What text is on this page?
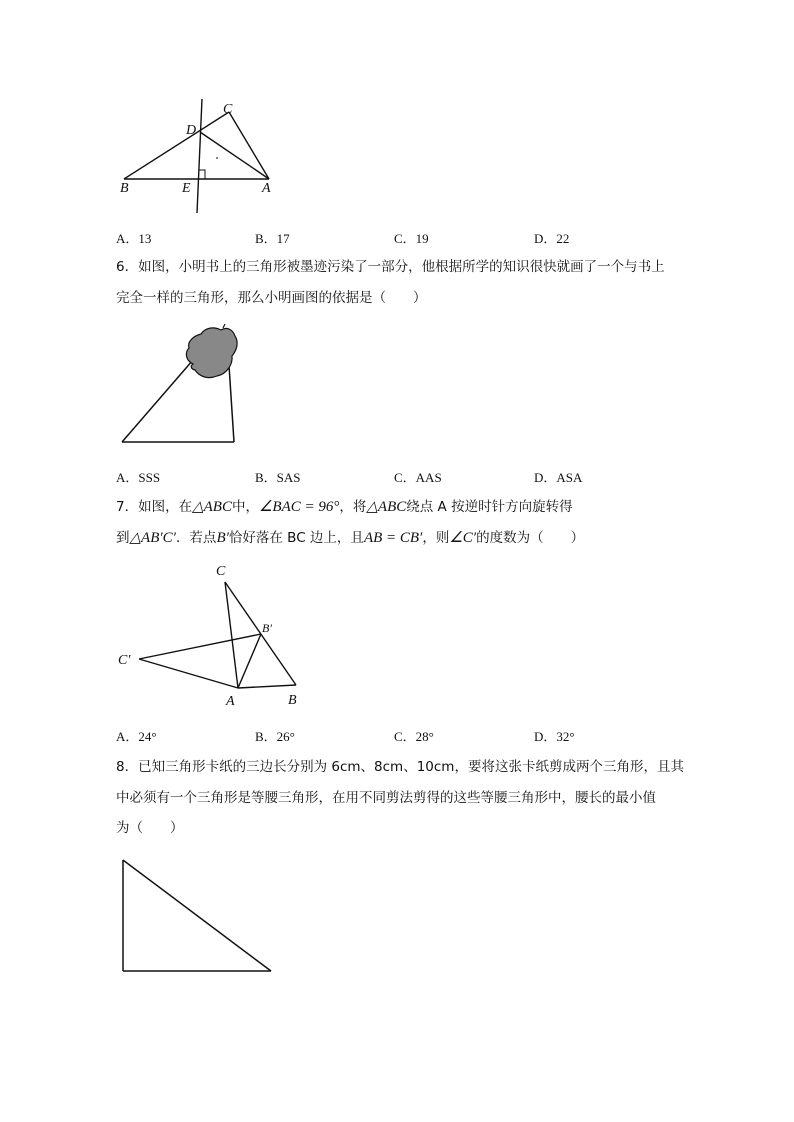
C
D
B	E	A
A．13	B．17	C．19	D．22
6．如图，小明书上的三角形被墨迹污染了一部分，他根据所学的知识很快就画了一个与书上
完全一样的三角形，那么小明画图的依据是（　　）
A．SSS	B．SAS	C．AAS	D．ASA
7．如图，在△ABC中，∠BAC = 96°，将△ABC绕点 A 按逆时针方向旋转得
到△AB′C′．若点B′恰好落在 BC 边上，且AB = CB′，则∠C′的度数为（　　）
C
B′
C′
A	B
A．24°	B．26°	C．28°	D．32°
8．已知三角形卡纸的三边长分别为 6cm、8cm、10cm，要将这张卡纸剪成两个三角形，且其
中必须有一个三角形是等腰三角形，在用不同剪法剪得的这些等腰三角形中，腰长的最小值
为（　　）
